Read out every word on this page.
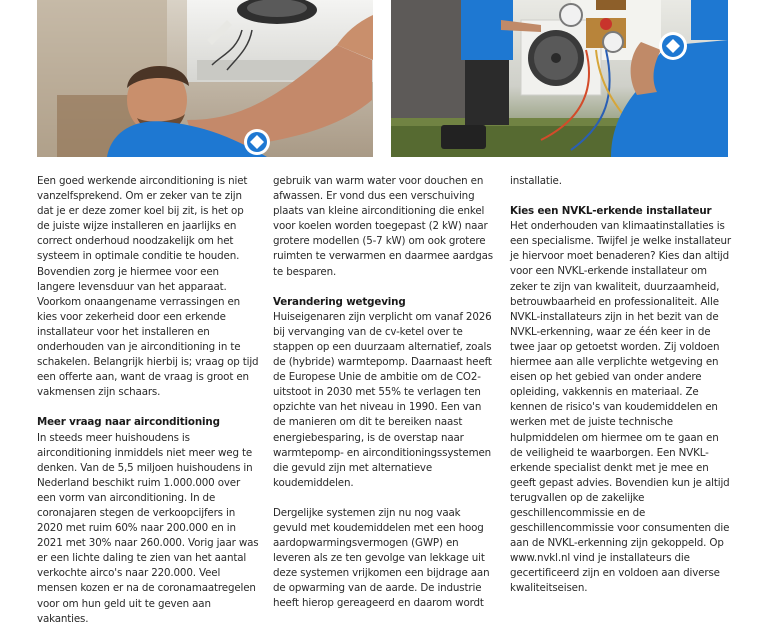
Een goed werkende airconditioning is niet vanzelfsprekend. Om er zeker van te zijn dat je er deze zomer koel bij zit, is het op de juiste wijze installeren en jaarlijks en correct onderhoud noodzakelijk om het systeem in optimale conditie te houden. Bovendien zorg je hiermee voor een langere levensduur van het apparaat. Voorkom onaangename verrassingen en kies voor zekerheid door een erkende installateur voor het installeren en onderhouden van je airconditioning in te schakelen. Belangrijk hierbij is; vraag op tijd een offerte aan, want de vraag is groot en vakmensen zijn schaars.

Meer vraag naar airconditioning

In steeds meer huishoudens is airconditioning inmiddels niet meer weg te denken. Van de 5,5 miljoen huishoudens in Nederland beschikt ruim 1.000.000 over een vorm van airconditioning. In de coronajaren stegen de verkoopcijfers in 2020 met ruim 60% naar 200.000 en in 2021 met 30% naar 260.000. Vorig jaar was er een lichte daling te zien van het aantal verkochte airco's naar 220.000. Veel mensen kozen er na de coronamaatregelen voor om hun geld uit te geven aan vakanties.

gebruik van warm water voor douchen en afwassen. Er vond dus een verschuiving plaats van kleine airconditioning die enkel voor koelen worden toegepast (2 kW) naar grotere modellen (5-7 kW) om ook grotere ruimten te verwarmen en daarmee aardgas te besparen.

Verandering wetgeving

Huiseigenaren zijn verplicht om vanaf 2026 bij vervanging van de cv-ketel over te stappen op een duurzaam alternatief, zoals de (hybride) warmtepomp. Daarnaast heeft de Europese Unie de ambitie om de CO2-uitstoot in 2030 met 55% te verlagen ten opzichte van het niveau in 1990. Een van de manieren om dit te bereiken naast energiebesparing, is de overstap naar warmtepomp- en airconditioningssystemen die gevuld zijn met alternatieve koudemiddelen.

Dergelijke systemen zijn nu nog vaak gevuld met koudemiddelen met een hoog aardopwarmingsvermogen (GWP) en leveren als ze ten gevolge van lekkage uit deze systemen vrijkomen een bijdrage aan de opwarming van de aarde. De industrie heeft hierop gereageerd en daarom wordt

installatie.

Kies een NVKL-erkende installateur

Het onderhouden van klimaatinstallaties is een specialisme. Twijfel je welke installateur je hiervoor moet benaderen? Kies dan altijd voor een NVKL-erkende installateur om zeker te zijn van kwaliteit, duurzaamheid, betrouwbaarheid en professionaliteit. Alle NVKL-installateurs zijn in het bezit van de NVKL-erkenning, waar ze één keer in de twee jaar op getoetst worden. Zij voldoen hiermee aan alle verplichte wetgeving en eisen op het gebied van onder andere opleiding, vakkennis en materiaal. Ze kennen de risico's van koudemiddelen en werken met de juiste technische hulpmiddelen om hiermee om te gaan en de veiligheid te waarborgen. Een NVKL-erkende specialist denkt met je mee en geeft gepast advies. Bovendien kun je altijd terugvallen op de zakelijke geschillencommissie en de geschillencommissie voor consumenten die aan de NVKL-erkenning zijn gekoppeld. Op www.nvkl.nl vind je installateurs die gecertificeerd zijn en voldoen aan diverse kwaliteitseisen.
